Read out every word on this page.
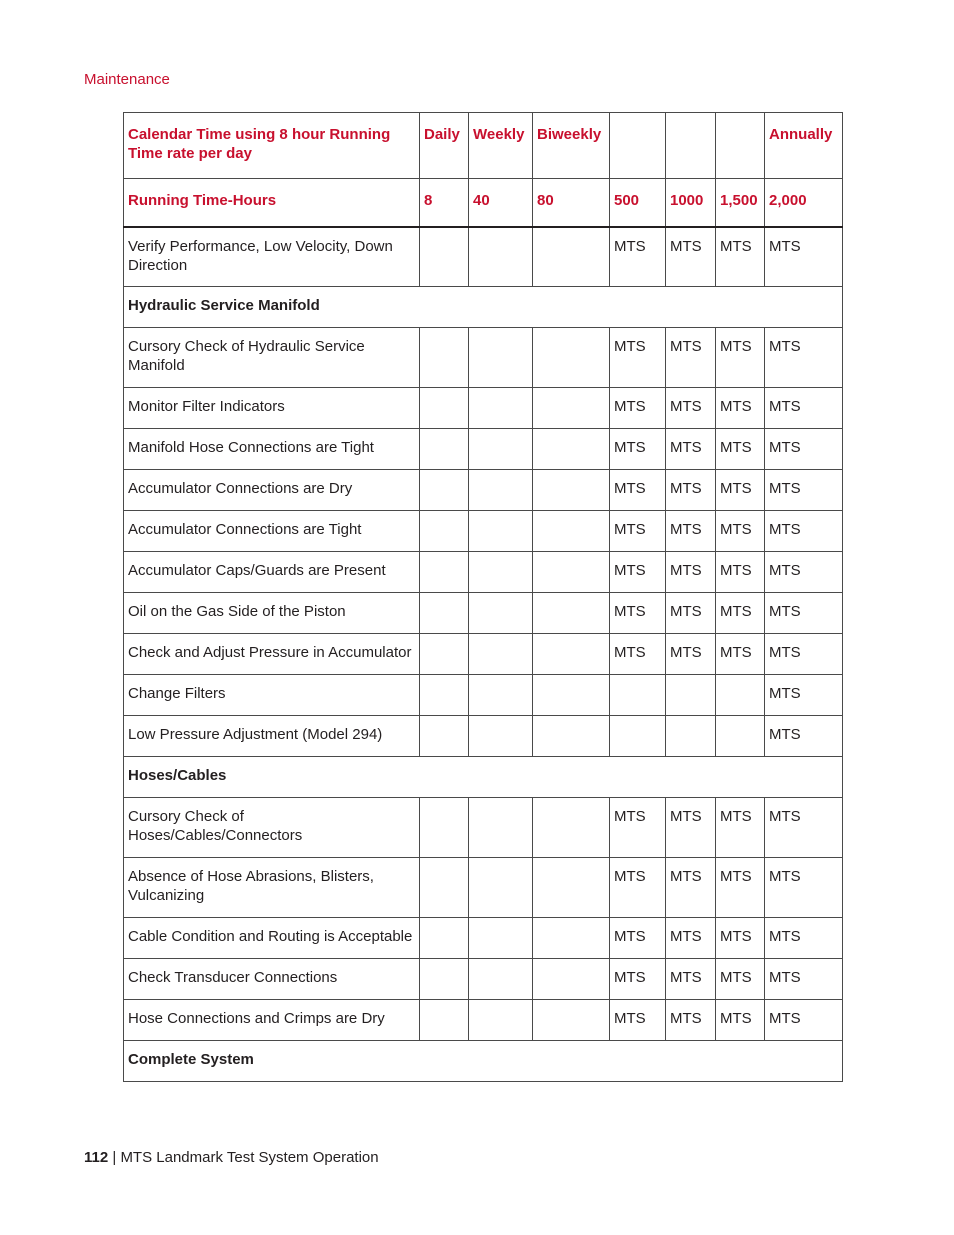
Maintenance
Calendar Time using 8 hour Running Time rate per day	Daily	Weekly	Biweekly				Annually
Running Time-Hours	8	40	80	500	1000	1,500	2,000
Verify Performance, Low Velocity, Down Direction				MTS	MTS	MTS	MTS
Hydraulic Service Manifold							
Cursory Check of Hydraulic Service Manifold				MTS	MTS	MTS	MTS
Monitor Filter Indicators				MTS	MTS	MTS	MTS
Manifold Hose Connections are Tight				MTS	MTS	MTS	MTS
Accumulator Connections are Dry				MTS	MTS	MTS	MTS
Accumulator Connections are Tight				MTS	MTS	MTS	MTS
Accumulator Caps/Guards are Present				MTS	MTS	MTS	MTS
Oil on the Gas Side of the Piston				MTS	MTS	MTS	MTS
Check and Adjust Pressure in Accumulator				MTS	MTS	MTS	MTS
Change Filters							MTS
Low Pressure Adjustment (Model 294)							MTS
Hoses/Cables							
Cursory Check of Hoses/Cables/Connectors				MTS	MTS	MTS	MTS
Absence of Hose Abrasions, Blisters, Vulcanizing				MTS	MTS	MTS	MTS
Cable Condition and Routing is Acceptable				MTS	MTS	MTS	MTS
Check Transducer Connections				MTS	MTS	MTS	MTS
Hose Connections and Crimps are Dry				MTS	MTS	MTS	MTS
Complete System							
112 | MTS Landmark Test System Operation
